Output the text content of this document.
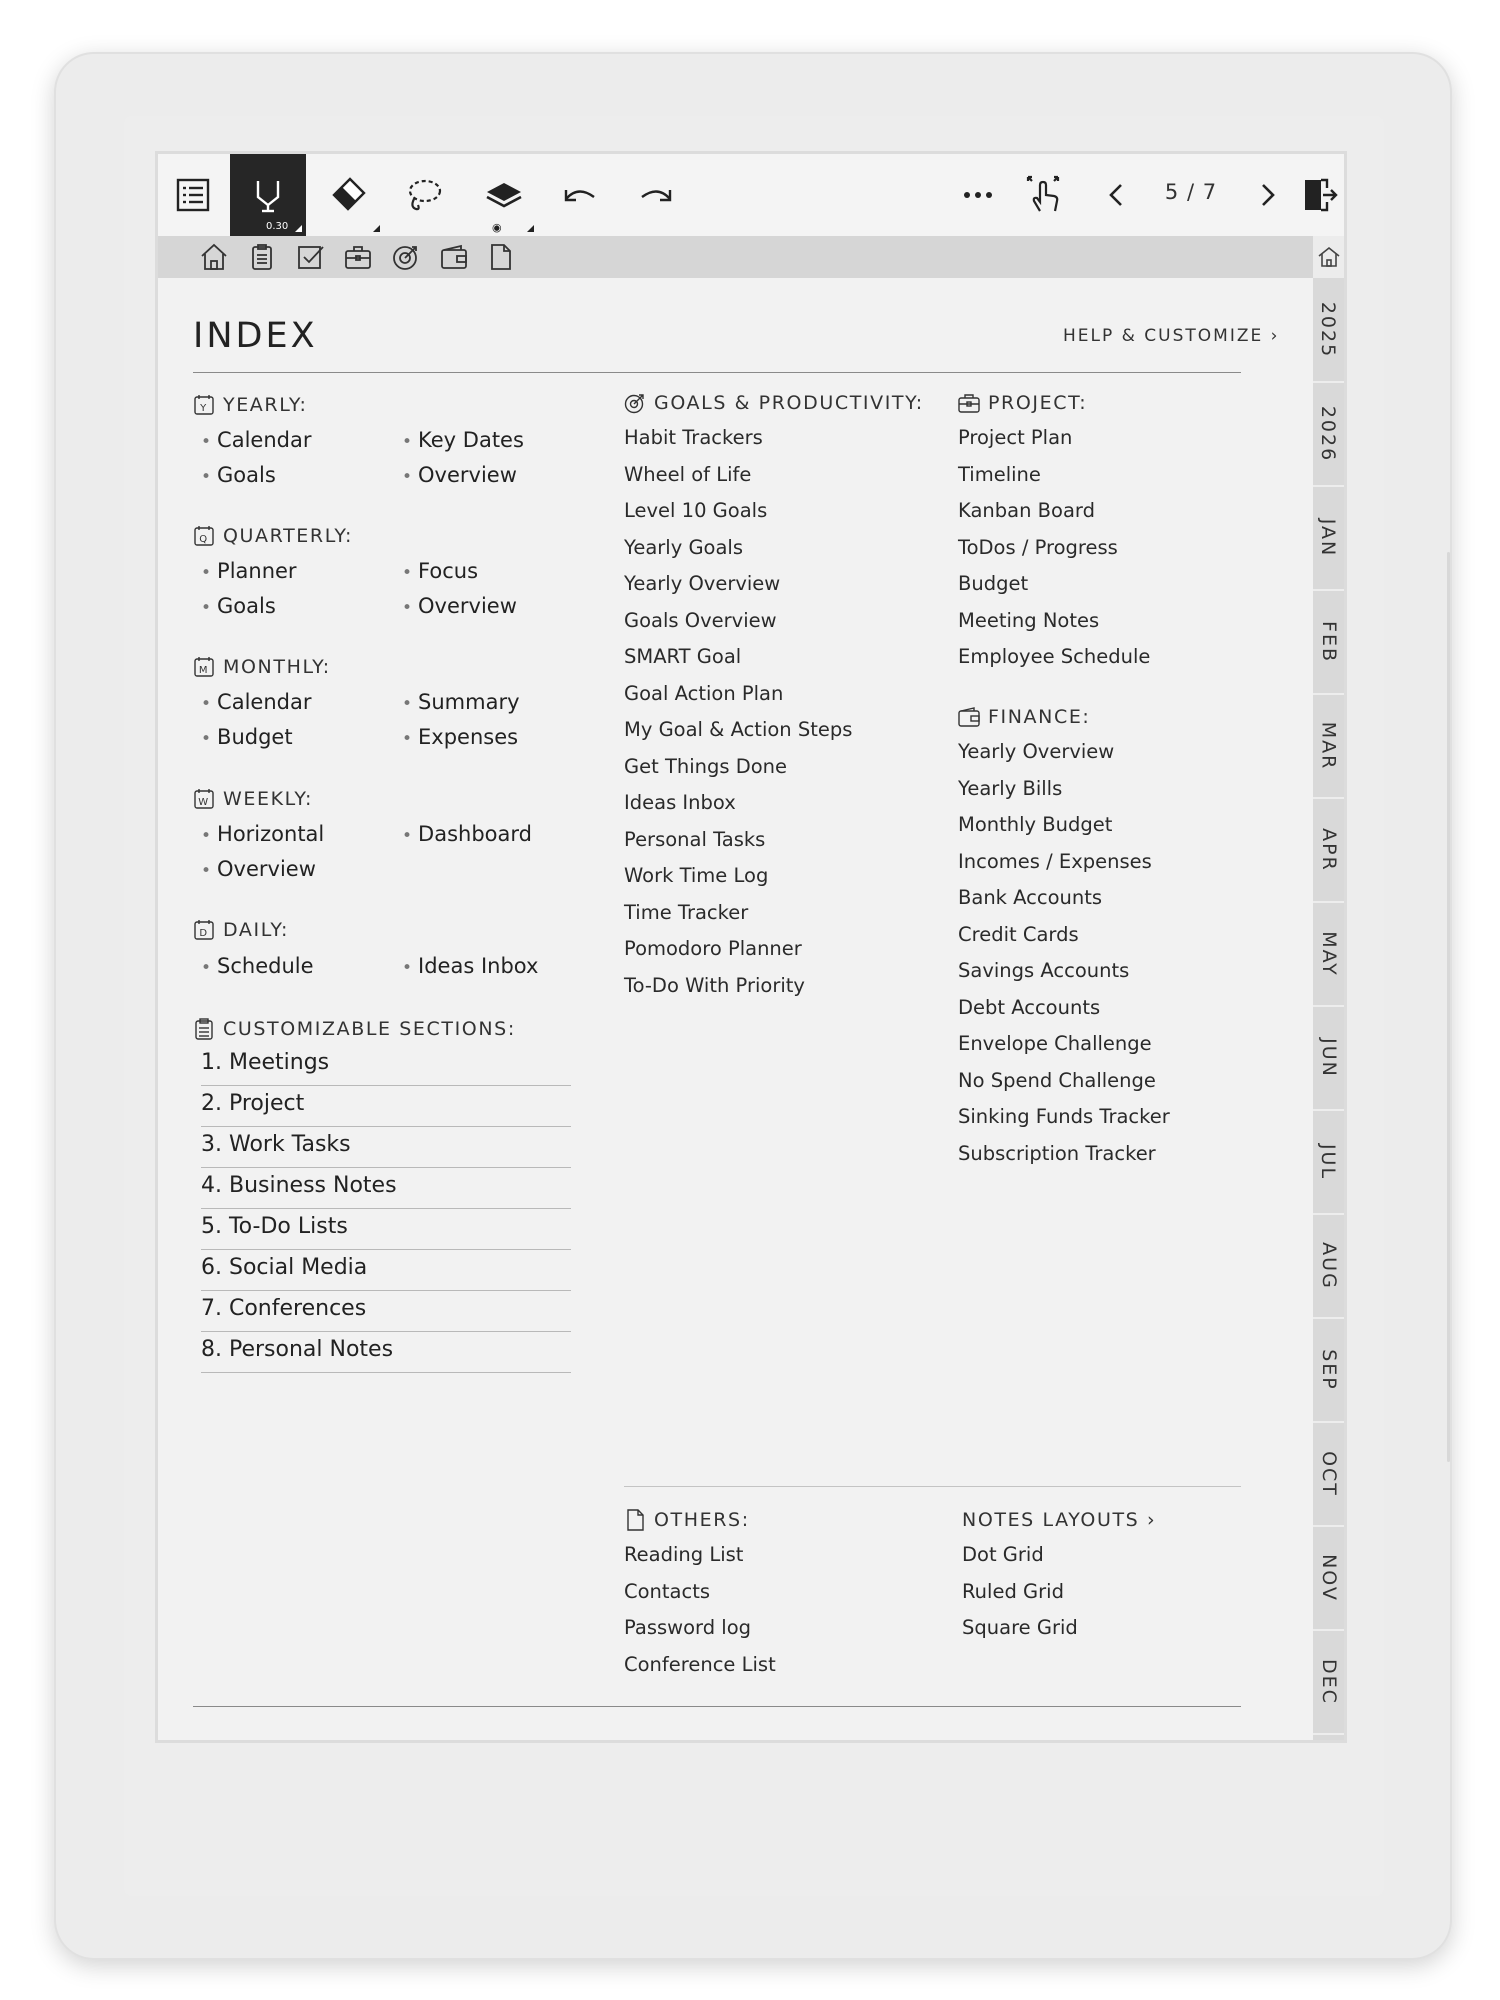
0.30	◉
5 / 7
2025
2026
JAN
FEB
MAR
APR
MAY
JUN
JUL
AUG
SEP
OCT
NOV
DEC
INDEX	HELP & CUSTOMIZE ›
Y YEARLY:
• Calendar	• Key Dates
• Goals	• Overview
Q QUARTERLY:
• Planner	• Focus
• Goals	• Overview
M MONTHLY:
• Calendar	• Summary
• Budget	• Expenses
W WEEKLY:
• Horizontal	• Dashboard
• Overview
D DAILY:
• Schedule	• Ideas Inbox
CUSTOMIZABLE SECTIONS:
1. Meetings
2. Project
3. Work Tasks
4. Business Notes
5. To-Do Lists
6. Social Media
7. Conferences
8. Personal Notes
GOALS & PRODUCTIVITY:
Habit Trackers
Wheel of Life
Level 10 Goals
Yearly Goals
Yearly Overview
Goals Overview
SMART Goal
Goal Action Plan
My Goal & Action Steps
Get Things Done
Ideas Inbox
Personal Tasks
Work Time Log
Time Tracker
Pomodoro Planner
To-Do With Priority
PROJECT:
Project Plan
Timeline
Kanban Board
ToDos / Progress
Budget
Meeting Notes
Employee Schedule
FINANCE:
Yearly Overview
Yearly Bills
Monthly Budget
Incomes / Expenses
Bank Accounts
Credit Cards
Savings Accounts
Debt Accounts
Envelope Challenge
No Spend Challenge
Sinking Funds Tracker
Subscription Tracker
OTHERS:
Reading List
Contacts
Password log
Conference List
NOTES LAYOUTS ›
Dot Grid
Ruled Grid
Square Grid
